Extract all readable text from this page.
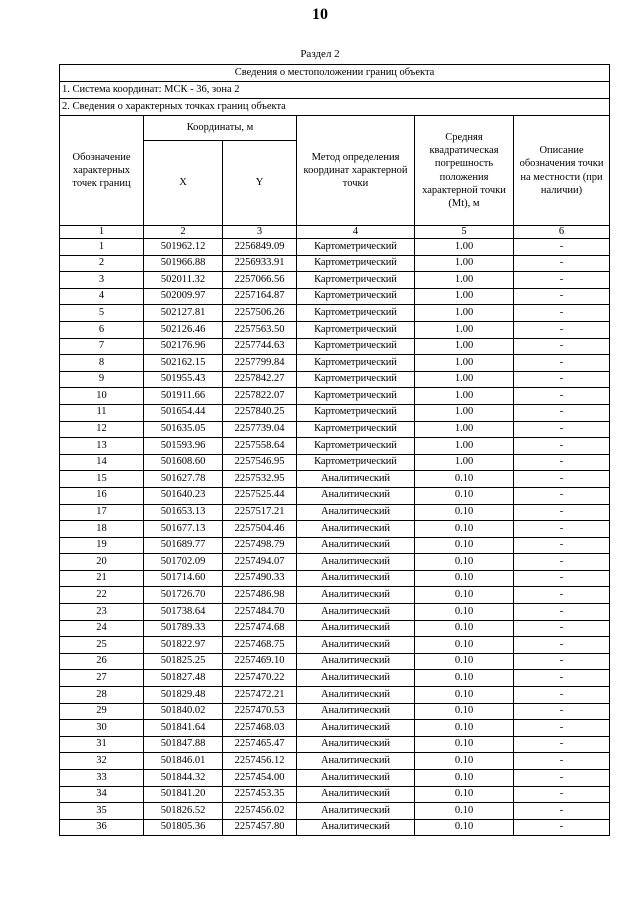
10
Раздел 2
Сведения о местоположении границ объекта					
1. Система координат: МСК - 36, зона 2					
2. Сведения о характерных точках границ объекта					
Обозначение характерных точек границ	Координаты, м		Метод определения координат характерной точки	Средняя квадратическая погрешность положения характерной точки (Mt), м	Описание обозначения точки на местности (при наличии)
	X	Y			
1	2	3	4	5	6
1	501962.12	2256849.09	Картометрический	1.00	-
2	501966.88	2256933.91	Картометрический	1.00	-
3	502011.32	2257066.56	Картометрический	1.00	-
4	502009.97	2257164.87	Картометрический	1.00	-
5	502127.81	2257506.26	Картометрический	1.00	-
6	502126.46	2257563.50	Картометрический	1.00	-
7	502176.96	2257744.63	Картометрический	1.00	-
8	502162.15	2257799.84	Картометрический	1.00	-
9	501955.43	2257842.27	Картометрический	1.00	-
10	501911.66	2257822.07	Картометрический	1.00	-
11	501654.44	2257840.25	Картометрический	1.00	-
12	501635.05	2257739.04	Картометрический	1.00	-
13	501593.96	2257558.64	Картометрический	1.00	-
14	501608.60	2257546.95	Картометрический	1.00	-
15	501627.78	2257532.95	Аналитический	0.10	-
16	501640.23	2257525.44	Аналитический	0.10	-
17	501653.13	2257517.21	Аналитический	0.10	-
18	501677.13	2257504.46	Аналитический	0.10	-
19	501689.77	2257498.79	Аналитический	0.10	-
20	501702.09	2257494.07	Аналитический	0.10	-
21	501714.60	2257490.33	Аналитический	0.10	-
22	501726.70	2257486.98	Аналитический	0.10	-
23	501738.64	2257484.70	Аналитический	0.10	-
24	501789.33	2257474.68	Аналитический	0.10	-
25	501822.97	2257468.75	Аналитический	0.10	-
26	501825.25	2257469.10	Аналитический	0.10	-
27	501827.48	2257470.22	Аналитический	0.10	-
28	501829.48	2257472.21	Аналитический	0.10	-
29	501840.02	2257470.53	Аналитический	0.10	-
30	501841.64	2257468.03	Аналитический	0.10	-
31	501847.88	2257465.47	Аналитический	0.10	-
32	501846.01	2257456.12	Аналитический	0.10	-
33	501844.32	2257454.00	Аналитический	0.10	-
34	501841.20	2257453.35	Аналитический	0.10	-
35	501826.52	2257456.02	Аналитический	0.10	-
36	501805.36	2257457.80	Аналитический	0.10	-
